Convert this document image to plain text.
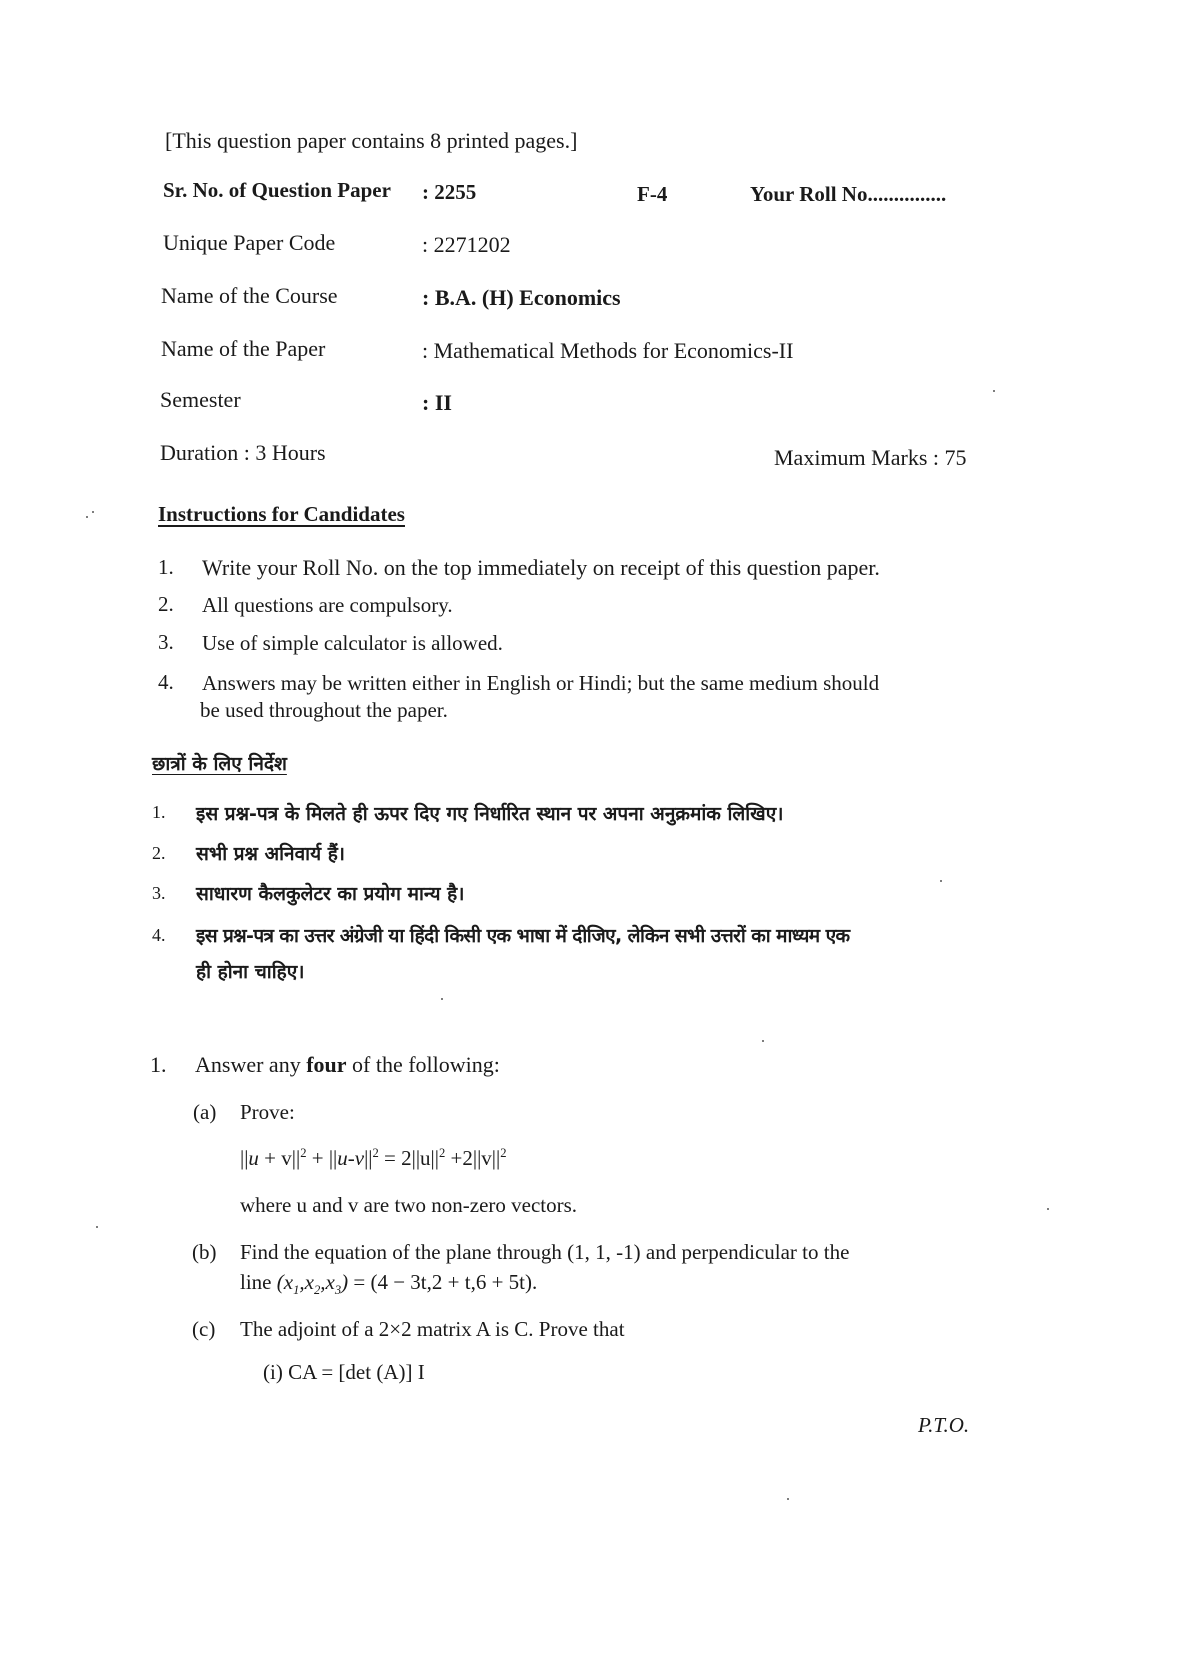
[This question paper contains 8 printed pages.]
Sr. No. of Question Paper : 2255	F-4	Your Roll No...............
Unique Paper Code	: 2271202
Name of the Course	: B.A. (H) Economics
Name of the Paper	: Mathematical Methods for Economics-II
Semester	: II
Duration : 3 Hours	Maximum Marks : 75
Instructions for Candidates
1. Write your Roll No. on the top immediately on receipt of this question paper.
2. All questions are compulsory.
3. Use of simple calculator is allowed.
4. Answers may be written either in English or Hindi; but the same medium should
be used throughout the paper.
छात्रों के लिए निर्देश
1. इस प्रश्न-पत्र के मिलते ही ऊपर दिए गए निर्धारित स्थान पर अपना अनुक्रमांक लिखिए।
2. सभी प्रश्न अनिवार्य हैं।
3. साधारण कैलकुलेटर का प्रयोग मान्य है।
4. इस प्रश्न-पत्र का उत्तर अंग्रेजी या हिंदी किसी एक भाषा में दीजिए, लेकिन सभी उत्तरों का माध्यम एक
ही होना चाहिए।
1. Answer any four of the following:
(a) Prove:
$||u + v||^2 + ||u-v||^2 = 2||u||^2 +2||v||^2$
where u and v are two non-zero vectors.
(b) Find the equation of the plane through (1, 1, -1) and perpendicular to the
line $(x_1,x_2,x_3) = (4 - 3t,2 + t,6 + 5t)$.
(c) The adjoint of a 2×2 matrix A is C. Prove that
(i) CA = [det (A)] I
P.T.O.
